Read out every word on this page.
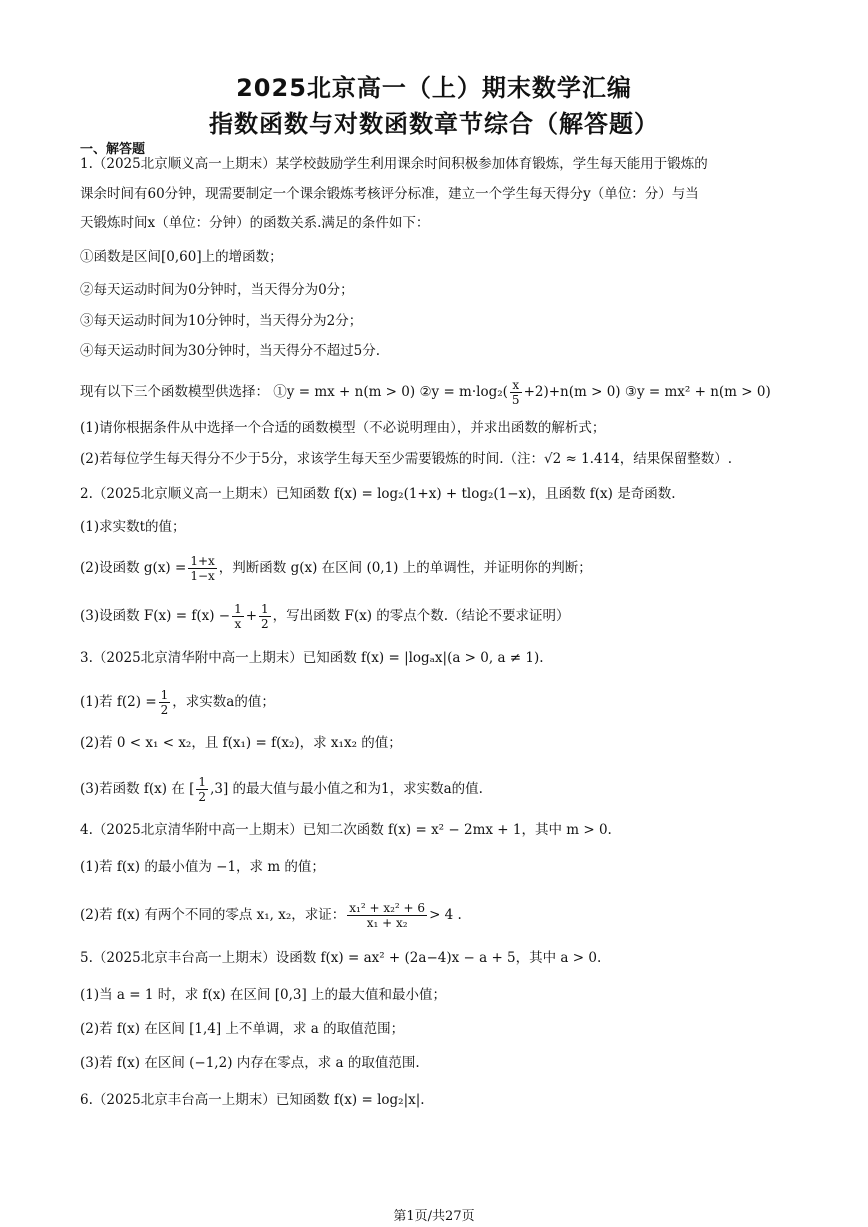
2025北京高一（上）期末数学汇编
指数函数与对数函数章节综合（解答题）
一、解答题
1.（2025北京顺义高一上期末）某学校鼓励学生利用课余时间积极参加体育锻炼，学生每天能用于锻炼的
课余时间有60分钟，现需要制定一个课余锻炼考核评分标准，建立一个学生每天得分y（单位：分）与当
天锻炼时间x（单位：分钟）的函数关系.满足的条件如下：
①函数是区间[0,60]上的增函数；
②每天运动时间为0分钟时，当天得分为0分；
③每天运动时间为10分钟时，当天得分为2分；
④每天运动时间为30分钟时，当天得分不超过5分.
现有以下三个函数模型供选择： ①y = mx + n(m > 0) ②y = $m\cdot\log_2( \frac{x}{5} +2)+n(m > 0)$ ③y = mx² + n(m > 0)
(1)请你根据条件从中选择一个合适的函数模型（不必说明理由），并求出函数的解析式；
(2)若每位学生每天得分不少于5分，求该学生每天至少需要锻炼的时间.（注：√2 ≈ 1.414，结果保留整数）.
2.（2025北京顺义高一上期末）已知函数 f(x) = log₂(1+x) + tlog₂(1−x)，且函数 f(x) 是奇函数.
(1)求实数t的值；
(2)设函数 $g(x) = \frac{1+x}{1-x}$ ，判断函数 g(x) 在区间 (0,1) 上的单调性，并证明你的判断；
(3)设函数 $F(x) = f(x) - \frac{1}{x} + \frac{1}{2}$ ，写出函数 F(x) 的零点个数.（结论不要求证明）
3.（2025北京清华附中高一上期末）已知函数 f(x) = |logₐx|(a > 0, a ≠ 1).
(1)若 $f(2) = \frac{1}{2}$ ，求实数a的值；
(2)若 0 < x₁ < x₂，且 f(x₁) = f(x₂)，求 x₁x₂ 的值；
(3)若函数 f(x) 在 [ $\frac{1}{2} ,3$] 的最大值与最小值之和为1，求实数a的值.
4.（2025北京清华附中高一上期末）已知二次函数 f(x) = x² − 2mx + 1，其中 m > 0.
(1)若 f(x) 的最小值为 −1，求 m 的值；
(2)若 f(x) 有两个不同的零点 x₁, x₂，求证： $\frac{\text{x₁² + x₂² + 6}}{\text{x₁ + x₂}} > 4$ .
5.（2025北京丰台高一上期末）设函数 f(x) = ax² + (2a−4)x − a + 5，其中 a > 0.
(1)当 a = 1 时，求 f(x) 在区间 [0,3] 上的最大值和最小值；
(2)若 f(x) 在区间 [1,4] 上不单调，求 a 的取值范围；
(3)若 f(x) 在区间 (−1,2) 内存在零点，求 a 的取值范围.
6.（2025北京丰台高一上期末）已知函数 f(x) = log₂|x|.
第1页/共27页
